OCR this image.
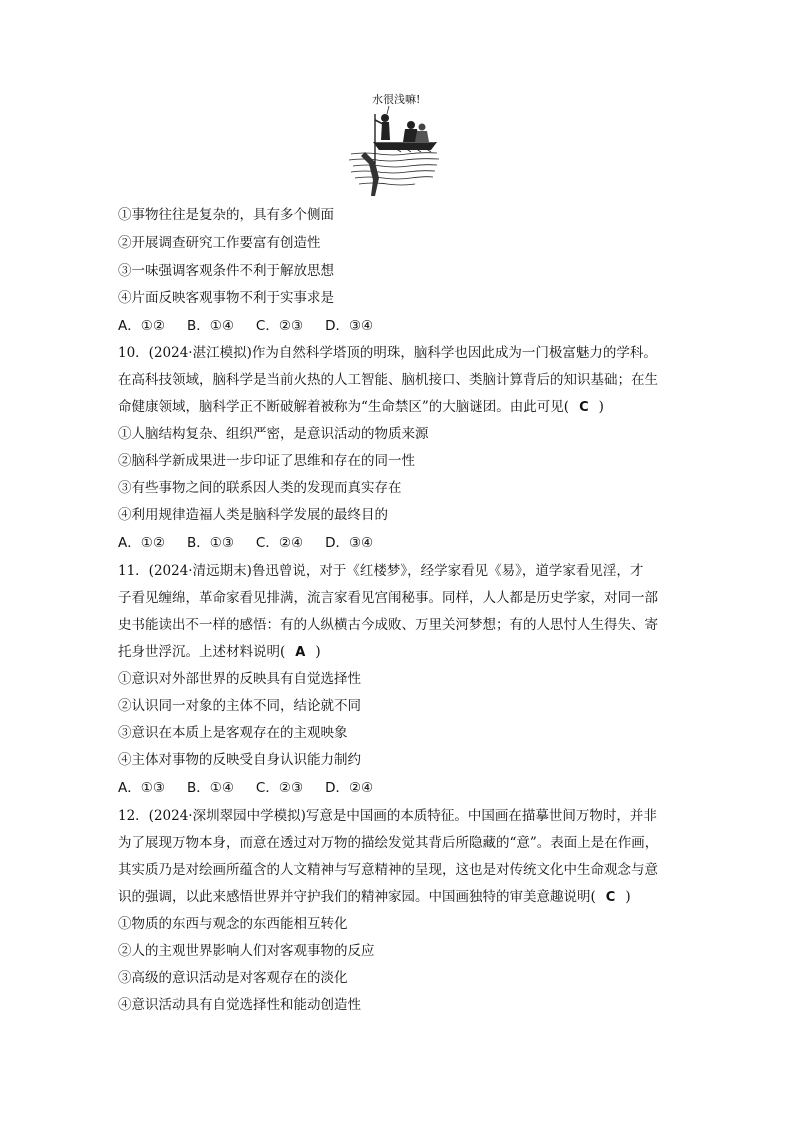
水很浅嘛!
①事物往往是复杂的，具有多个侧面
②开展调查研究工作要富有创造性
③一味强调客观条件不利于解放思想
④片面反映客观事物不利于实事求是
A．①② B．①④ C．②③ D．③④
10．(2024·湛江模拟)作为自然科学塔顶的明珠，脑科学也因此成为一门极富魅力的学科。
在高科技领域，脑科学是当前火热的人工智能、脑机接口、类脑计算背后的知识基础；在生
命健康领域，脑科学正不断破解着被称为“生命禁区”的大脑谜团。由此可见( C )
①人脑结构复杂、组织严密，是意识活动的物质来源
②脑科学新成果进一步印证了思维和存在的同一性
③有些事物之间的联系因人类的发现而真实存在
④利用规律造福人类是脑科学发展的最终目的
A．①② B．①③ C．②④ D．③④
11．(2024·清远期末)鲁迅曾说，对于《红楼梦》，经学家看见《易》，道学家看见淫，才
子看见缠绵，革命家看见排满，流言家看见宫闱秘事。同样，人人都是历史学家，对同一部
史书能读出不一样的感悟：有的人纵横古今成败、万里关河梦想；有的人思忖人生得失、寄
托身世浮沉。上述材料说明( A )
①意识对外部世界的反映具有自觉选择性
②认识同一对象的主体不同，结论就不同
③意识在本质上是客观存在的主观映象
④主体对事物的反映受自身认识能力制约
A．①③ B．①④ C．②③ D．②④
12．(2024·深圳翠园中学模拟)写意是中国画的本质特征。中国画在描摹世间万物时，并非
为了展现万物本身，而意在透过对万物的描绘发觉其背后所隐藏的“意”。表面上是在作画，
其实质乃是对绘画所蕴含的人文精神与写意精神的呈现，这也是对传统文化中生命观念与意
识的强调，以此来感悟世界并守护我们的精神家园。中国画独特的审美意趣说明( C )
①物质的东西与观念的东西能相互转化
②人的主观世界影响人们对客观事物的反应
③高级的意识活动是对客观存在的淡化
④意识活动具有自觉选择性和能动创造性
